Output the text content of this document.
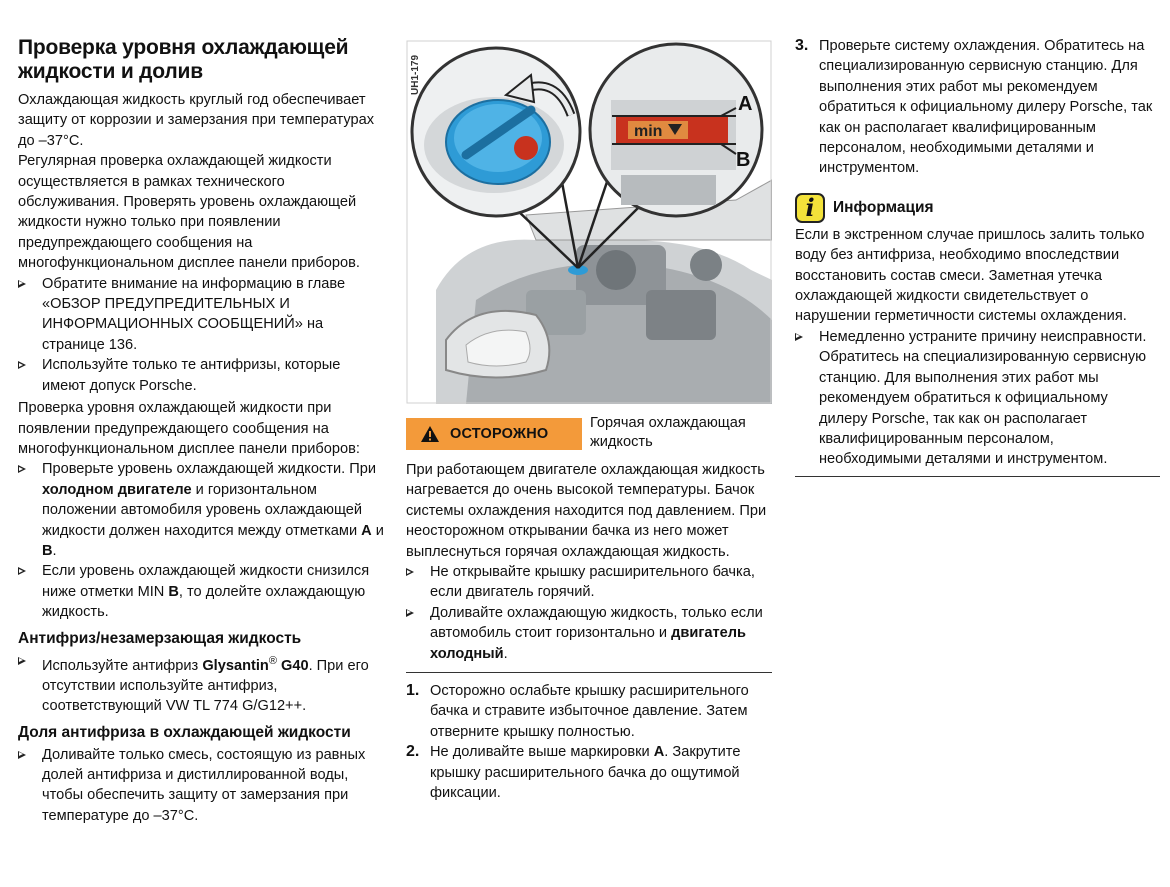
Проверка уровня охлаждающей жидкости и долив

Охлаждающая жидкость круглый год обеспечивает защиту от коррозии и замерзания при температурах до –37°C.

Регулярная проверка охлаждающей жидкости осуществляется в рамках технического обслуживания. Проверять уровень охлаждающей жидкости нужно только при появлении предупреждающего сообщения на многофункциональном дисплее панели приборов.

Обратите внимание на информацию в главе «ОБЗОР ПРЕДУПРЕДИТЕЛЬНЫХ И ИНФОРМАЦИОННЫХ СООБЩЕНИЙ» на странице 136.
Используйте только те антифризы, которые имеют допуск Porsche.

Проверка уровня охлаждающей жидкости при появлении предупреждающего сообщения на многофункциональном дисплее панели приборов:

Проверьте уровень охлаждающей жидкости. При холодном двигателе и горизонтальном положении автомобиля уровень охлаждающей жидкости должен находится между отметками A и B.
Если уровень охлаждающей жидкости снизился ниже отметки MIN B, то долейте охлаждающую жидкость.
Антифриз/незамерзающая жидкость
Используйте антифриз Glysantin® G40. При его отсутствии используйте антифриз, соответствующий VW TL 774 G/G12++.
Доля антифриза в охлаждающей жидкости
Доливайте только смесь, состоящую из равных долей антифриза и дистиллированной воды, чтобы обеспечить защиту от замерзания при температуре до –37°C.
UH1-179
min
A
B
ОСТОРОЖНО
Горячая охлаждающая жидкость

При работающем двигателе охлаждающая жидкость нагревается до очень высокой температуры. Бачок системы охлаждения находится под давлением. При неосторожном открывании бачка из него может выплеснуться горячая охлаждающая жидкость.

Не открывайте крышку расширительного бачка, если двигатель горячий.
Доливайте охлаждающую жидкость, только если автомобиль стоит горизонтально и двигатель холодный.
1. Осторожно ослабьте крышку расширительного бачка и стравите избыточное давление. Затем отверните крышку полностью.
2. Не доливайте выше маркировки A. Закрутите крышку расширительного бачка до ощутимой фиксации.
3. Проверьте систему охлаждения. Обратитесь на специализированную сервисную станцию. Для выполнения этих работ мы рекомендуем обратиться к официальному дилеру Porsche, так как он располагает квалифицированным персоналом, необходимыми деталями и инструментом.
i	Информация

Если в экстренном случае пришлось залить только воду без антифриза, необходимо впоследствии восстановить состав смеси. Заметная утечка охлаждающей жидкости свидетельствует о нарушении герметичности системы охлаждения.

Немедленно устраните причину неисправности. Обратитесь на специализированную сервисную станцию. Для выполнения этих работ мы рекомендуем обратиться к официальному дилеру Porsche, так как он располагает квалифицированным персоналом, необходимыми деталями и инструментом.
